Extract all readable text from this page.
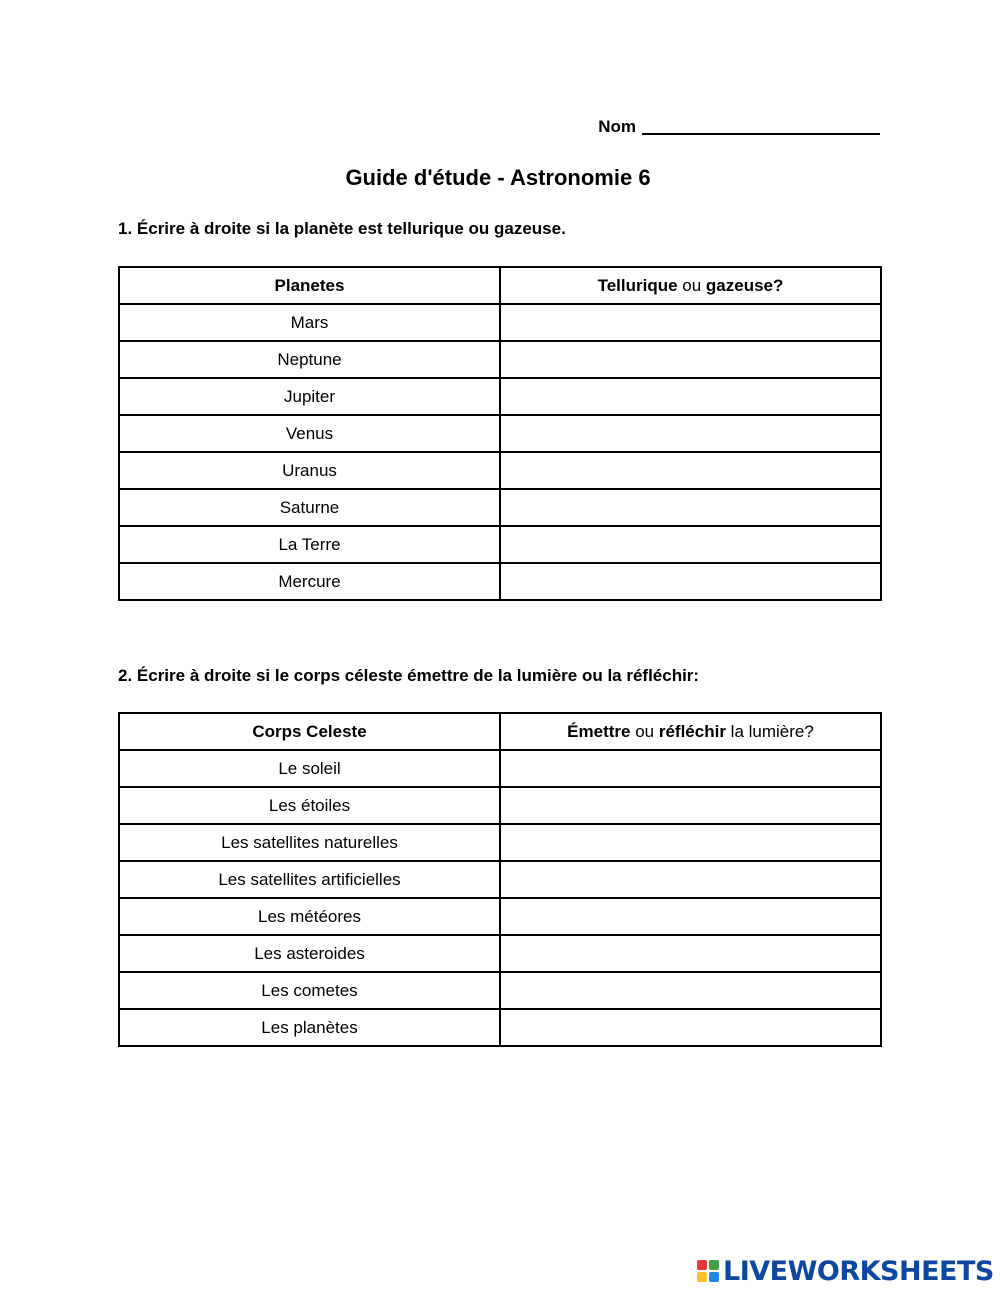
Nom
Guide d'étude - Astronomie 6
1. Écrire à droite si la planète est tellurique ou gazeuse.
Planetes	Tellurique ou gazeuse?
Mars	
Neptune	
Jupiter	
Venus	
Uranus	
Saturne	
La Terre	
Mercure	
2. Écrire à droite si le corps céleste émettre de la lumière ou la réfléchir:
Corps Celeste	Émettre ou réfléchir la lumière?
Le soleil	
Les étoiles	
Les satellites naturelles	
Les satellites artificielles	
Les météores	
Les asteroides	
Les cometes	
Les planètes	
LIVEWORKSHEETS
